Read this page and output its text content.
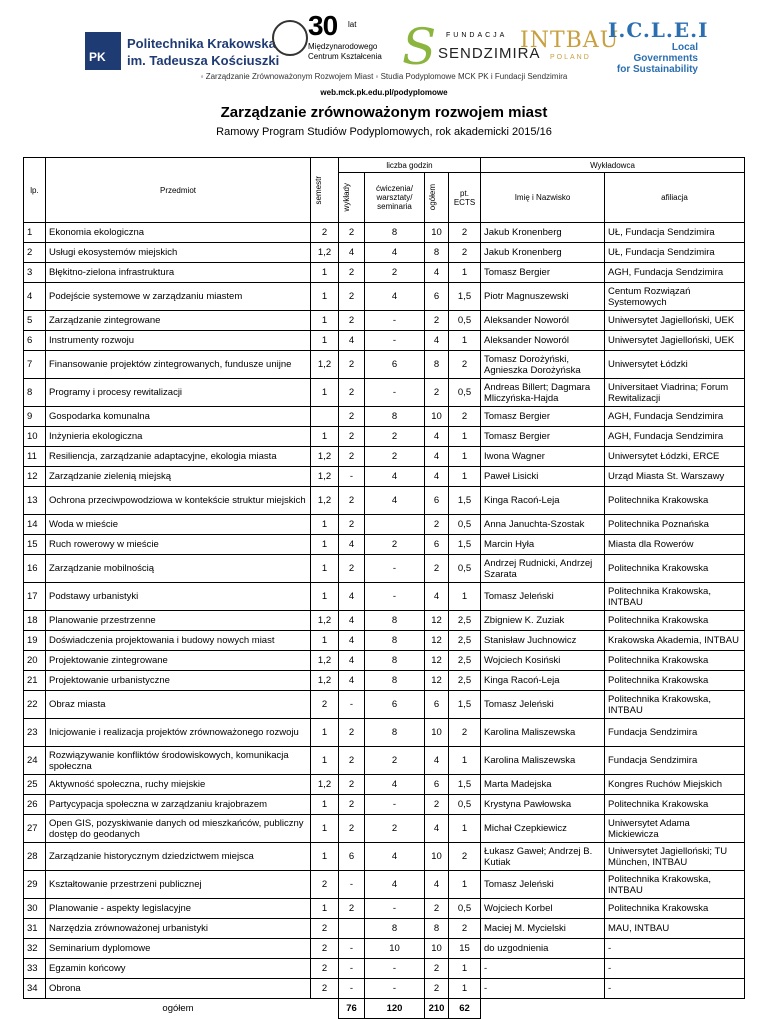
PK
Politechnika Krakowska
im. Tadeusza Kościuszki
30 lat
Międzynarodowego
Centrum Kształcenia S FUNDACJA
SENDZIMIRA
INTBAU
POLAND
I.C.L.E.I
Local
Governments
for Sustainability
◦ Zarządzanie Zrównoważonym Rozwojem Miast ◦ Studia Podyplomowe MCK PK i Fundacji Sendzimira
web.mck.pk.edu.pl/podyplomowe
Zarządzanie zrównoważonym rozwojem miast
Ramowy Program Studiów Podyplomowych, rok akademicki 2015/16
lp.	Przedmiot	semestr	liczba godzin				Wykładowca	

			wykłady	ćwiczenia/ warsztaty/ seminaria	ogółem	pt. ECTS	Imię i Nazwisko	afiliacja
1	Ekonomia ekologiczna	2	2	8	10	2	Jakub Kronenberg	UŁ, Fundacja Sendzimira
2	Usługi ekosystemów miejskich	1,2	4	4	8	2	Jakub Kronenberg	UŁ, Fundacja Sendzimira
3	Błękitno-zielona infrastruktura	1	2	2	4	1	Tomasz Bergier	AGH, Fundacja Sendzimira
4	Podejście systemowe w zarządzaniu miastem	1	2	4	6	1,5	Piotr Magnuszewski	Centum Rozwiązań Systemowych
5	Zarządzanie zintegrowane	1	2	-	2	0,5	Aleksander Noworól	Uniwersytet Jagielloński, UEK
6	Instrumenty rozwoju	1	4	-	4	1	Aleksander Noworól	Uniwersytet Jagielloński, UEK
7	Finansowanie projektów zintegrowanych, fundusze unijne	1,2	2	6	8	2	Tomasz Dorożyński, Agnieszka Dorożyńska	Uniwersytet Łódzki
8	Programy i procesy rewitalizacji	1	2	-	2	0,5	Andreas Billert; Dagmara Mliczyńska-Hajda	Universitaet Viadrina; Forum Rewitalizacji
9	Gospodarka komunalna		2	8	10	2	Tomasz Bergier	AGH, Fundacja Sendzimira
10	Inżynieria ekologiczna	1	2	2	4	1	Tomasz Bergier	AGH, Fundacja Sendzimira
11	Resiliencja, zarządzanie adaptacyjne, ekologia miasta	1,2	2	2	4	1	Iwona Wagner	Uniwersytet Łódzki, ERCE
12	Zarządzanie zielenią miejską	1,2	-	4	4	1	Paweł Lisicki	Urząd Miasta St. Warszawy
13	Ochrona przeciwpowodziowa w kontekście struktur miejskich	1,2	2	4	6	1,5	Kinga Racoń-Leja	Politechnika Krakowska
14	Woda w mieście	1	2		2	0,5	Anna Januchta-Szostak	Politechnika Poznańska
15	Ruch rowerowy w mieście	1	4	2	6	1,5	Marcin Hyła	Miasta dla Rowerów
16	Zarządzanie mobilnością	1	2	-	2	0,5	Andrzej Rudnicki, Andrzej Szarata	Politechnika Krakowska
17	Podstawy urbanistyki	1	4	-	4	1	Tomasz Jeleński	Politechnika Krakowska, INTBAU
18	Planowanie przestrzenne	1,2	4	8	12	2,5	Zbigniew K. Zuziak	Politechnika Krakowska
19	Doświadczenia projektowania i budowy nowych miast	1	4	8	12	2,5	Stanisław Juchnowicz	Krakowska Akademia, INTBAU
20	Projektowanie zintegrowane	1,2	4	8	12	2,5	Wojciech Kosiński	Politechnika Krakowska
21	Projektowanie urbanistyczne	1,2	4	8	12	2,5	Kinga Racoń-Leja	Politechnika Krakowska
22	Obraz miasta	2	-	6	6	1,5	Tomasz Jeleński	Politechnika Krakowska, INTBAU
23	Inicjowanie i realizacja projektów zrównoważonego rozwoju	1	2	8	10	2	Karolina Maliszewska	Fundacja Sendzimira
24	Rozwiązywanie konfliktów środowiskowych, komunikacja społeczna	1	2	2	4	1	Karolina Maliszewska	Fundacja Sendzimira
25	Aktywność społeczna, ruchy miejskie	1,2	2	4	6	1,5	Marta Madejska	Kongres Ruchów Miejskich
26	Partycypacja społeczna w zarządzaniu krajobrazem	1	2	-	2	0,5	Krystyna Pawłowska	Politechnika Krakowska
27	Open GIS, pozyskiwanie danych od mieszkańców, publiczny dostęp do geodanych	1	2	2	4	1	Michał Czepkiewicz	Uniwersytet Adama Mickiewicza
28	Zarządzanie historycznym dziedzictwem miejsca	1	6	4	10	2	Łukasz Gaweł; Andrzej B. Kutiak	Uniwersytet Jagielloński; TU München, INTBAU
29	Kształtowanie przestrzeni publicznej	2	-	4	4	1	Tomasz Jeleński	Politechnika Krakowska, INTBAU
30	Planowanie - aspekty legislacyjne	1	2	-	2	0,5	Wojciech Korbel	Politechnika Krakowska
31	Narzędzia zrównoważonej urbanistyki	2		8	8	2	Maciej M. Mycielski	MAU, INTBAU
32	Seminarium dyplomowe	2	-	10	10	15	do uzgodnienia	-
33	Egzamin końcowy	2	-	-	2	1	-	-
34	Obrona	2	-	-	2	1	-	-
	ogółem		76	120	210	62		
